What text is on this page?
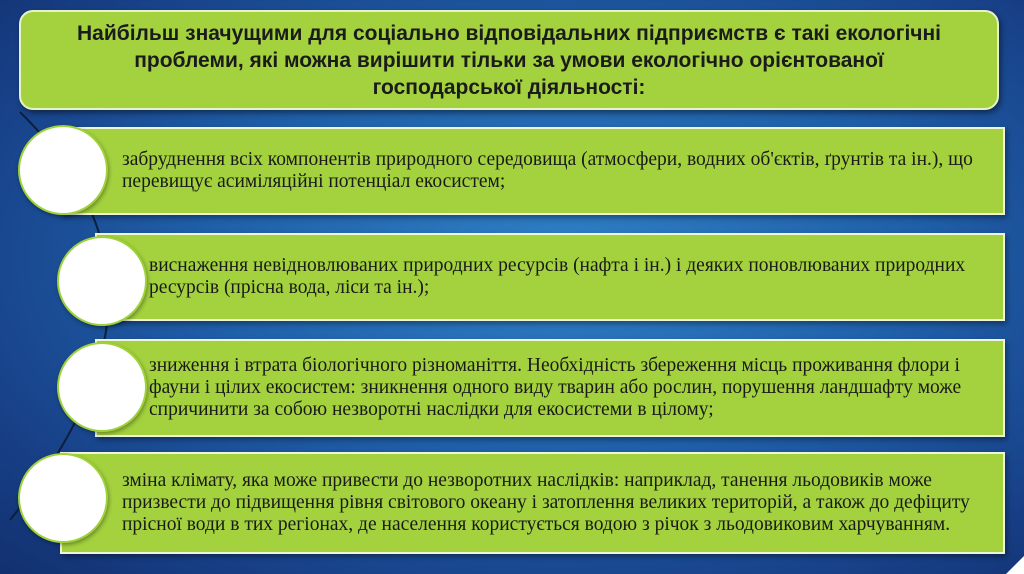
Найбільш значущими для соціально відповідальних підприємств є такі екологічні проблеми, які можна вирішити тільки за умови екологічно орієнтованої господарської діяльності:
забруднення всіх компонентів природного середовища (атмосфери, водних об'єктів, ґрунтів та ін.), що перевищує асиміляційні потенціал екосистем;
виснаження невідновлюваних природних ресурсів (нафта і ін.) і деяких поновлюваних природних ресурсів (прісна вода, ліси та ін.);
зниження і втрата біологічного різноманіття. Необхідність збереження місць проживання флори і фауни і цілих екосистем: зникнення одного виду тварин або рослин, порушення ландшафту може спричинити за собою незворотні наслідки для екосистеми в цілому;
зміна клімату, яка може привести до незворотних наслідків: наприклад, танення льодовиків може призвести до підвищення рівня світового океану і затоплення великих територій, а також до дефіциту прісної води в тих регіонах, де населення користується водою з річок з льодовиковим харчуванням.
